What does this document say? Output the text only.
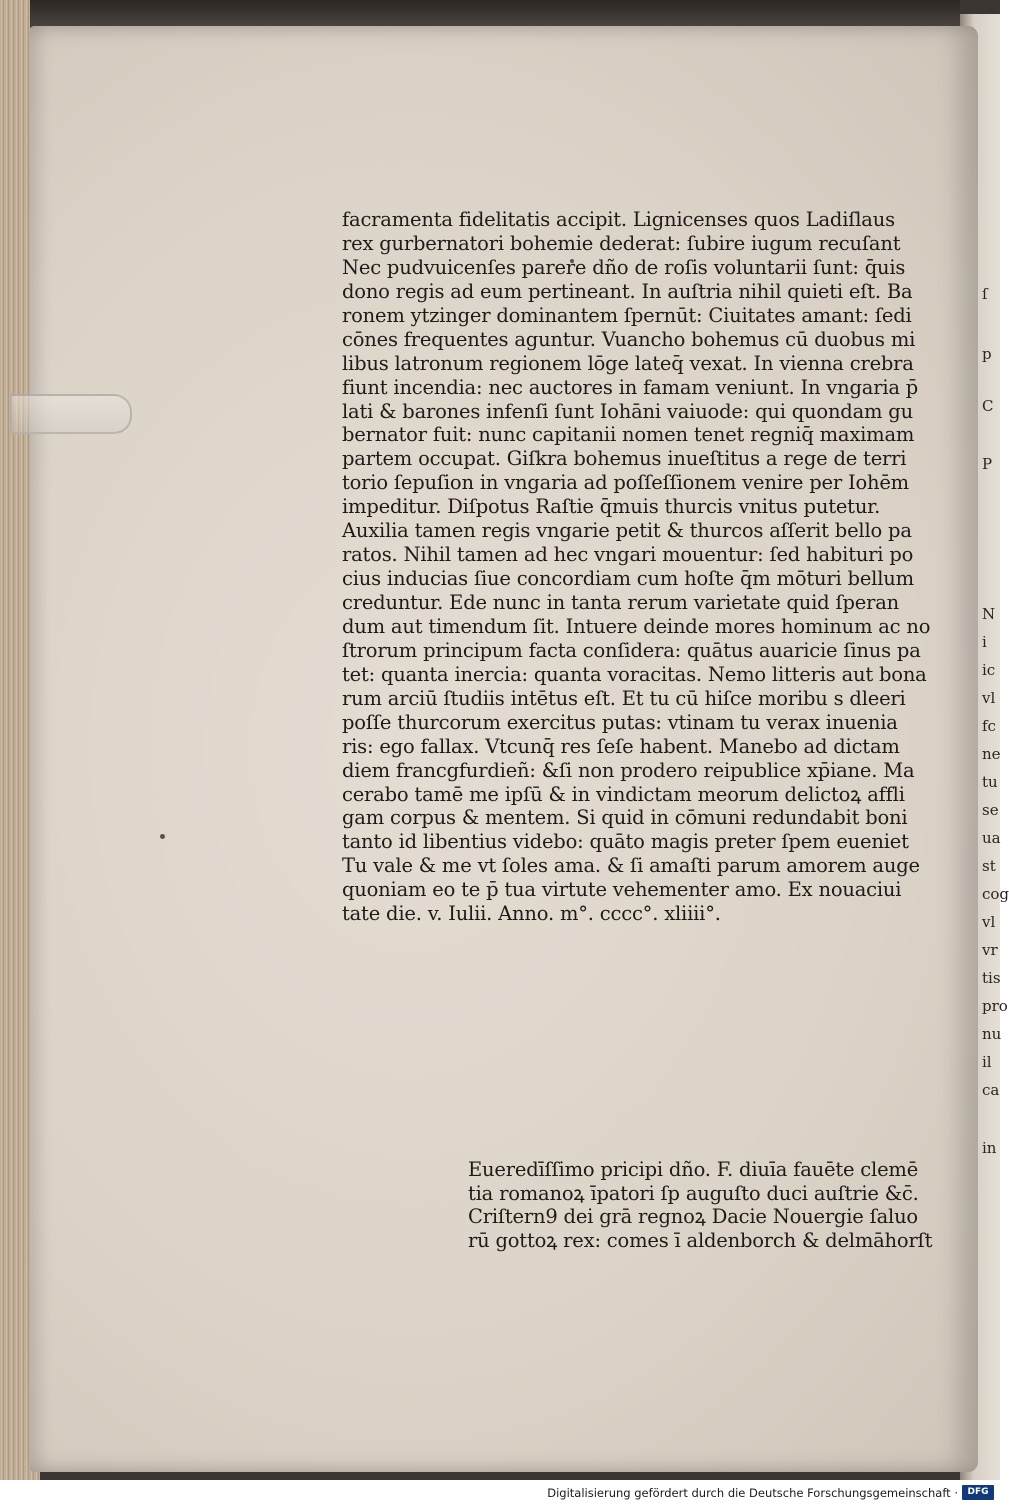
ſ
p
C
P
N
i
ic
vl
fc
ne
tu
se
ua
st
cog
vl
vr
tis
pro
nu
il
ca
in
facramenta fidelitatis accipit. Lignicenses quos Ladiſlaus
rex gurbernatori bohemie dederat: ſubire iugum recuſant
Nec pudvuicenſes parere dño de roſis voluntarii ſunt: q̄uis
dono regis ad eum pertineant. In auſtria nihil quieti eſt. Ba
ronem ytzinger dominantem ſpernūt: Ciuitates amant: ſedi
cōnes frequentes aguntur. Vuancho bohemus cū duobus mi
libus latronum regionem lōge lateq̄ vexat. In vienna crebra
fiunt incendia: nec auctores in famam veniunt. In vngaria p̄
lati & barones infenſi ſunt Iohāni vaiuode: qui quondam gu
bernator fuit: nunc capitanii nomen tenet regniq̄ maximam
partem occupat. Giſkra bohemus inueſtitus a rege de terri
torio ſepuſion in vngaria ad poſſeſſionem venire per Iohēm
impeditur. Diſpotus Raſtie q̄muis thurcis vnitus putetur.
Auxilia tamen regis vngarie petit & thurcos aſſerit bello pa
ratos. Nihil tamen ad hec vngari mouentur: ſed habituri po
cius inducias ſiue concordiam cum hoſte q̄m mōturi bellum
creduntur. Ede nunc in tanta rerum varietate quid ſperan
dum aut timendum ſit. Intuere deinde mores hominum ac no
ſtrorum principum facta conſidera: quātus auaricie ſinus pa
tet: quanta inercia: quanta voracitas. Nemo litteris aut bona
rum arciū ſtudiis intētus eſt. Et tu cū hiſce moribu s dleeri
poſſe thurcorum exercitus putas: vtinam tu verax inuenia
ris: ego fallax. Vtcunq̄ res ſeſe habent. Manebo ad dictam
diem francgfurdieñ: &ſi non prodero reipublice xp̄iane. Ma
cerabo tamē me ipſū & in vindictam meorum delictoꝝ affli
gam corpus & mentem. Si quid in cōmuni redundabit boni
tanto id libentius videbo: quāto magis preter ſpem eueniet
Tu vale & me vt ſoles ama. & ſi amaſti parum amorem auge
quoniam eo te p̄ tua virtute vehementer amo. Ex nouaciui
tate die. v. Iulii. Anno. m°. cccc°. xliiii°.
Eueredīſſimo pricipi dño. F. diuīa fauēte clemē
tia romanoꝝ īpatori ſp auguſto duci auſtrie &c̄.
Criſtern9 dei grā regnoꝝ Dacie Nouergie ſaluo
rū gottoꝝ rex: comes ī aldenborch & delmāhorſt
Digitalisierung gefördert durch die Deutsche Forschungsgemeinschaft ·	DFG
